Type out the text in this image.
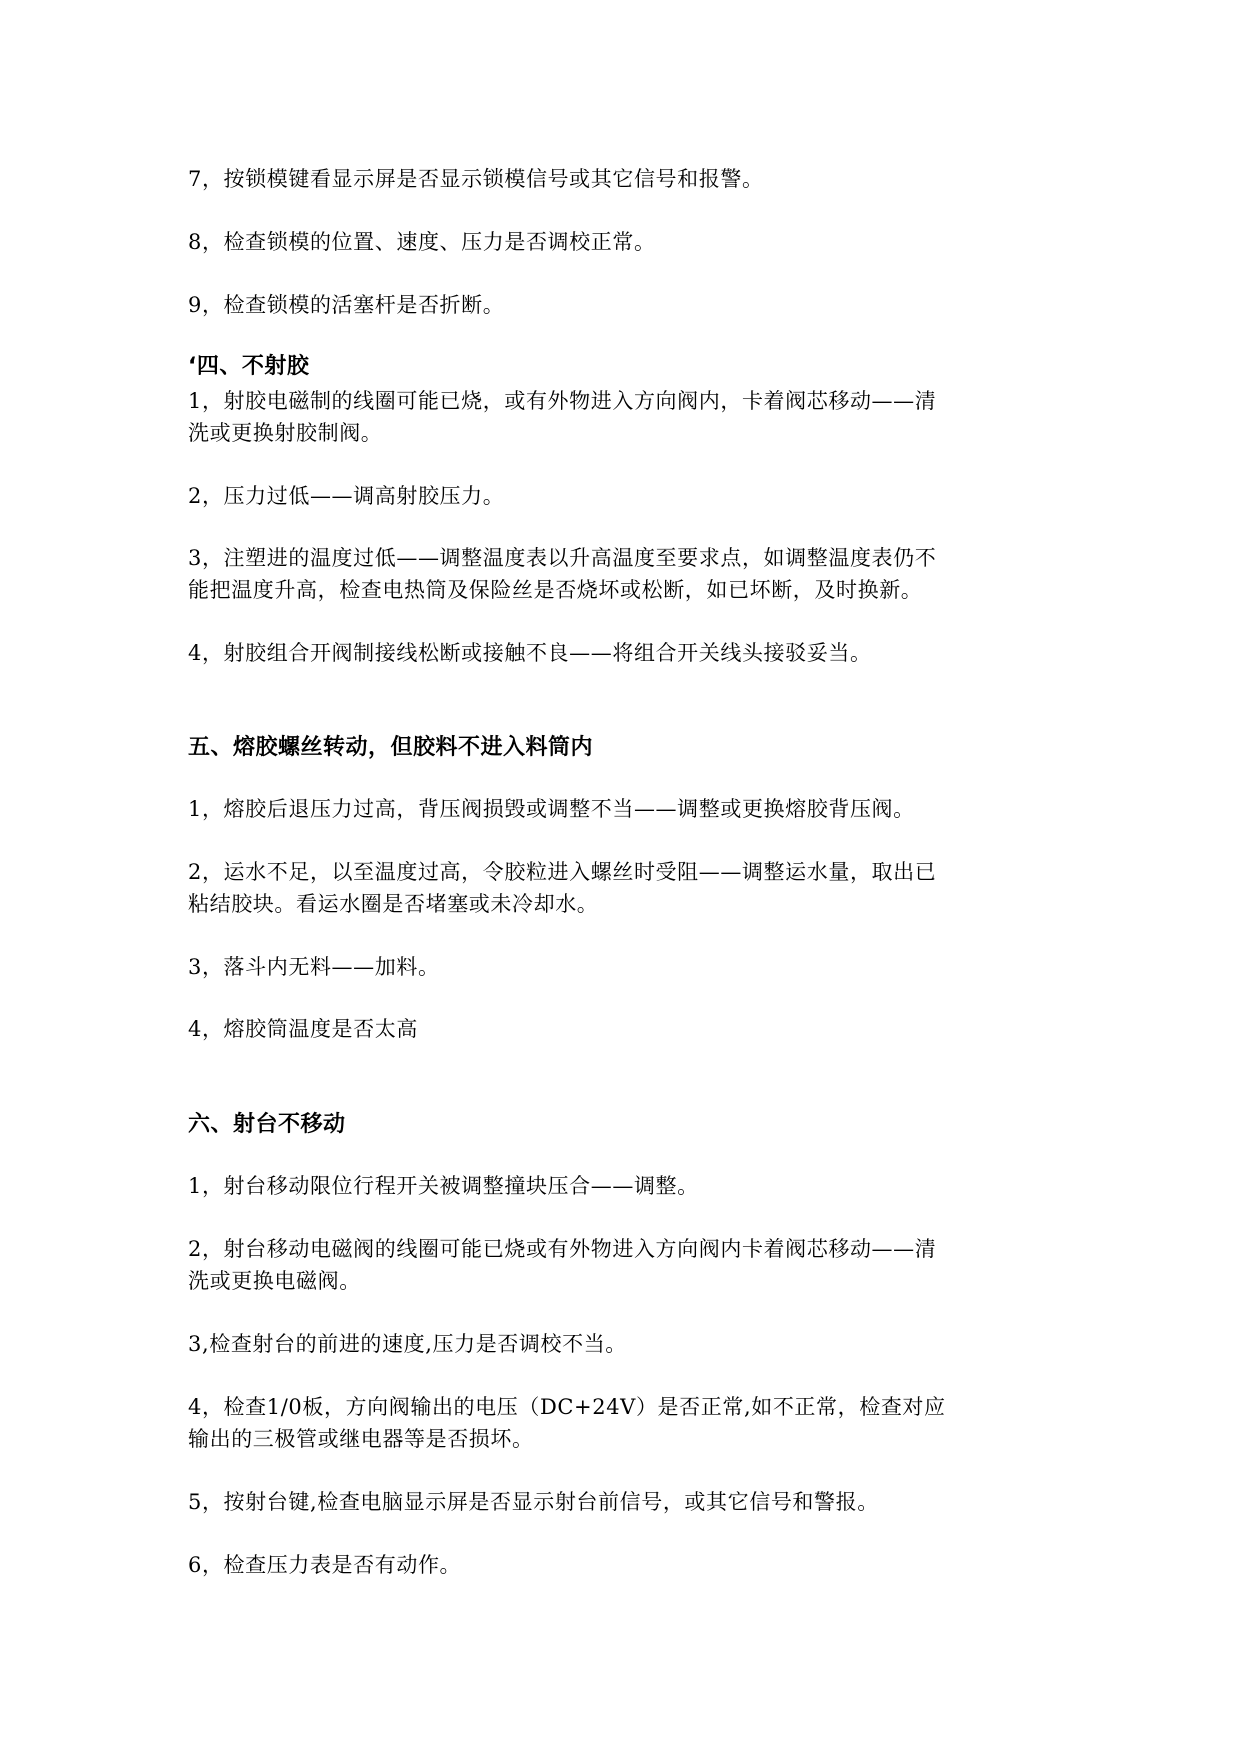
7，按锁模键看显示屏是否显示锁模信号或其它信号和报警。
8，检查锁模的位置、速度、压力是否调校正常。
9，检查锁模的活塞杆是否折断。
‘四、不射胶
1，射胶电磁制的线圈可能已烧，或有外物进入方向阀内，卡着阀芯移动——清
洗或更换射胶制阀。
2，压力过低——调高射胶压力。
3，注塑进的温度过低——调整温度表以升高温度至要求点，如调整温度表仍不
能把温度升高，检查电热筒及保险丝是否烧坏或松断，如已坏断，及时换新。
4，射胶组合开阀制接线松断或接触不良——将组合开关线头接驳妥当。
五、熔胶螺丝转动，但胶料不进入料筒内
1，熔胶后退压力过高，背压阀损毁或调整不当——调整或更换熔胶背压阀。
2，运水不足，以至温度过高，令胶粒进入螺丝时受阻——调整运水量，取出已
粘结胶块。看运水圈是否堵塞或未冷却水。
3，落斗内无料——加料。
4，熔胶筒温度是否太高
六、射台不移动
1，射台移动限位行程开关被调整撞块压合——调整。
2，射台移动电磁阀的线圈可能已烧或有外物进入方向阀内卡着阀芯移动——清
洗或更换电磁阀。
3,检查射台的前进的速度,压力是否调校不当。
4，检查1/0板，方向阀输出的电压（DC+24V）是否正常,如不正常，检查对应
输出的三极管或继电器等是否损坏。
5，按射台键,检查电脑显示屏是否显示射台前信号，或其它信号和警报。
6，检查压力表是否有动作。
